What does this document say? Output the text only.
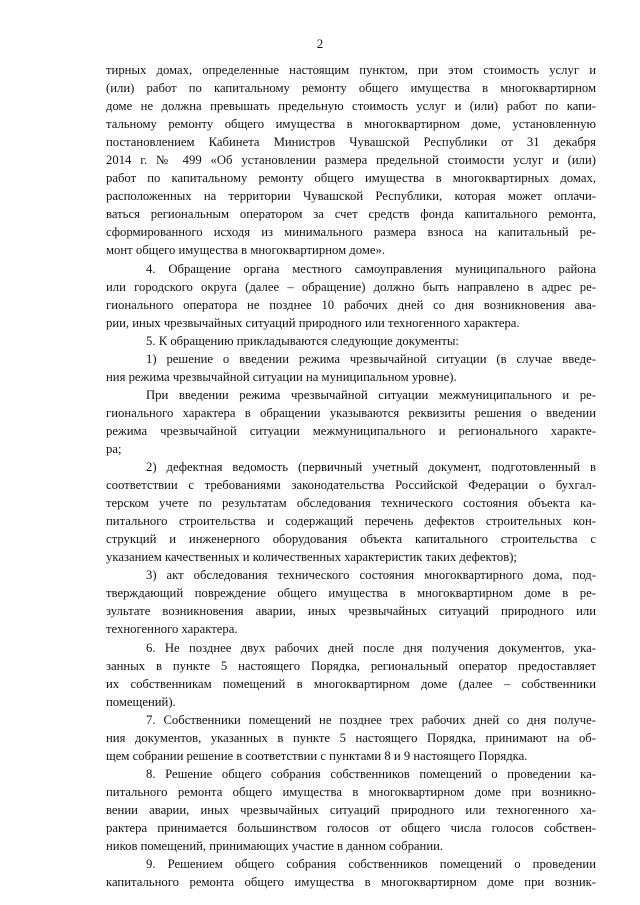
2
тирных домах, определенные настоящим пунктом, при этом стоимость услуг и
(или) работ по капитальному ремонту общего имущества в многоквартирном
доме не должна превышать предельную стоимость услуг и (или) работ по капи-
тальному ремонту общего имущества в многоквартирном доме, установленную
постановлением Кабинета Министров Чувашской Республики от 31 декабря
2014 г. № 499 «Об установлении размера предельной стоимости услуг и (или)
работ по капитальному ремонту общего имущества в многоквартирных домах,
расположенных на территории Чувашской Республики, которая может оплачи-
ваться региональным оператором за счет средств фонда капитального ремонта,
сформированного исходя из минимального размера взноса на капитальный ре-
монт общего имущества в многоквартирном доме».
4. Обращение органа местного самоуправления муниципального района
или городского округа (далее – обращение) должно быть направлено в адрес ре-
гионального оператора не позднее 10 рабочих дней со дня возникновения ава-
рии, иных чрезвычайных ситуаций природного или техногенного характера.
5. К обращению прикладываются следующие документы:
1) решение о введении режима чрезвычайной ситуации (в случае введе-
ния режима чрезвычайной ситуации на муниципальном уровне).
При введении режима чрезвычайной ситуации межмуниципального и ре-
гионального характера в обращении указываются реквизиты решения о введении
режима чрезвычайной ситуации межмуниципального и регионального характе-
ра;
2) дефектная ведомость (первичный учетный документ, подготовленный в
соответствии с требованиями законодательства Российской Федерации о бухгал-
терском учете по результатам обследования технического состояния объекта ка-
питального строительства и содержащий перечень дефектов строительных кон-
струкций и инженерного оборудования объекта капитального строительства с
указанием качественных и количественных характеристик таких дефектов);
3) акт обследования технического состояния многоквартирного дома, под-
тверждающий повреждение общего имущества в многоквартирном доме в ре-
зультате возникновения аварии, иных чрезвычайных ситуаций природного или
техногенного характера.
6. Не позднее двух рабочих дней после дня получения документов, ука-
занных в пункте 5 настоящего Порядка, региональный оператор предоставляет
их собственникам помещений в многоквартирном доме (далее – собственники
помещений).
7. Собственники помещений не позднее трех рабочих дней со дня получе-
ния документов, указанных в пункте 5 настоящего Порядка, принимают на об-
щем собрании решение в соответствии с пунктами 8 и 9 настоящего Порядка.
8. Решение общего собрания собственников помещений о проведении ка-
питального ремонта общего имущества в многоквартирном доме при возникно-
вении аварии, иных чрезвычайных ситуаций природного или техногенного ха-
рактера принимается большинством голосов от общего числа голосов собствен-
ников помещений, принимающих участие в данном собрании.
9. Решением общего собрания собственников помещений о проведении
капитального ремонта общего имущества в многоквартирном доме при возник-
